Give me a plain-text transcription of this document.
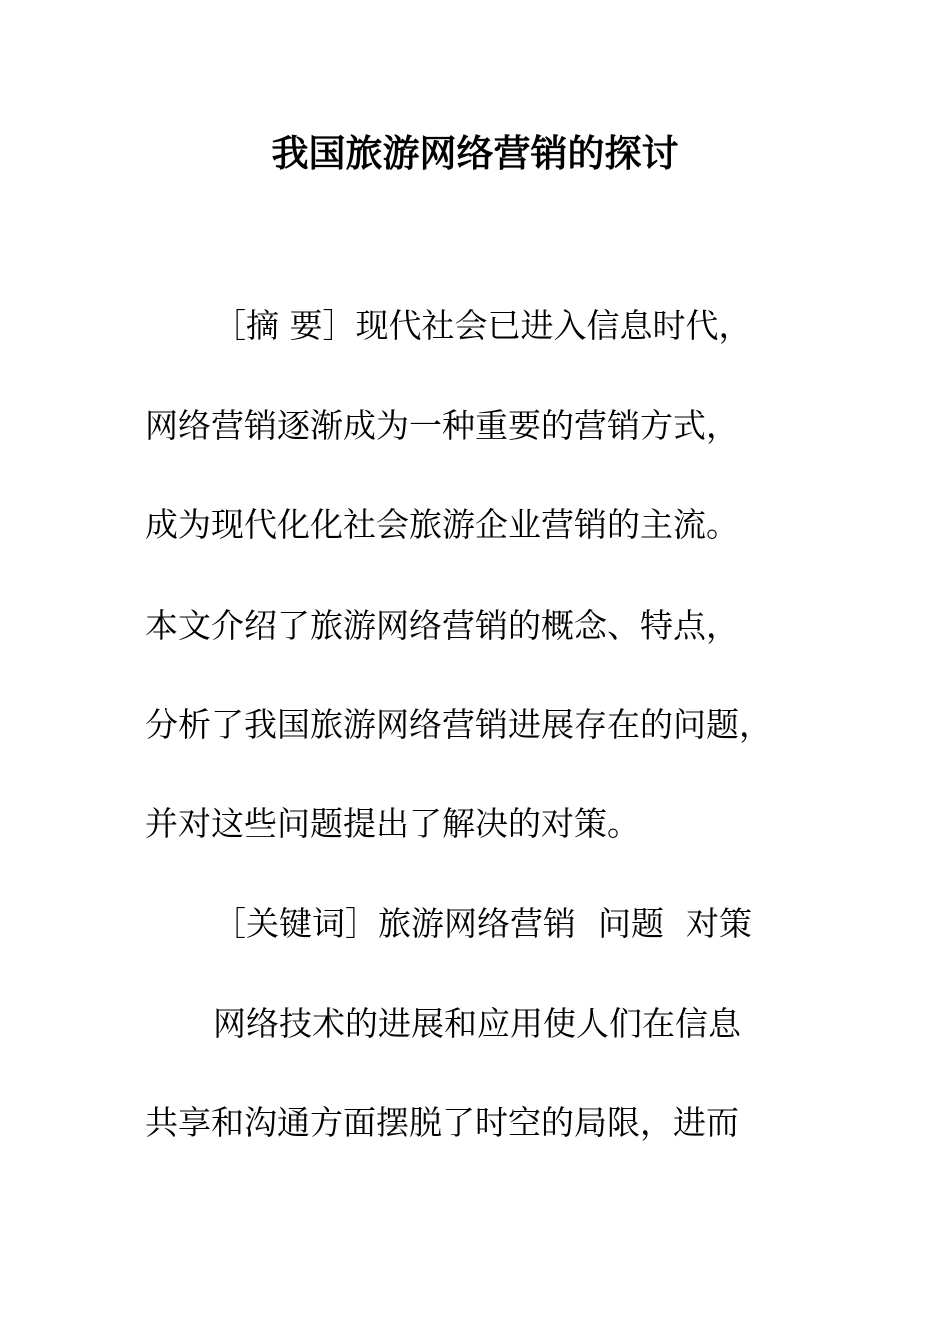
我国旅游网络营销的探讨

［摘 要］现代社会已进入信息时代，

网络营销逐渐成为一种重要的营销方式，

成为现代化化社会旅游企业营销的主流。

本文介绍了旅游网络营销的概念、特点，

分析了我国旅游网络营销进展存在的问题，

并对这些问题提出了解决的对策。

［关键词］旅游网络营销 问题 对策

网络技术的进展和应用使人们在信息

共享和沟通方面摆脱了时空的局限，进而
